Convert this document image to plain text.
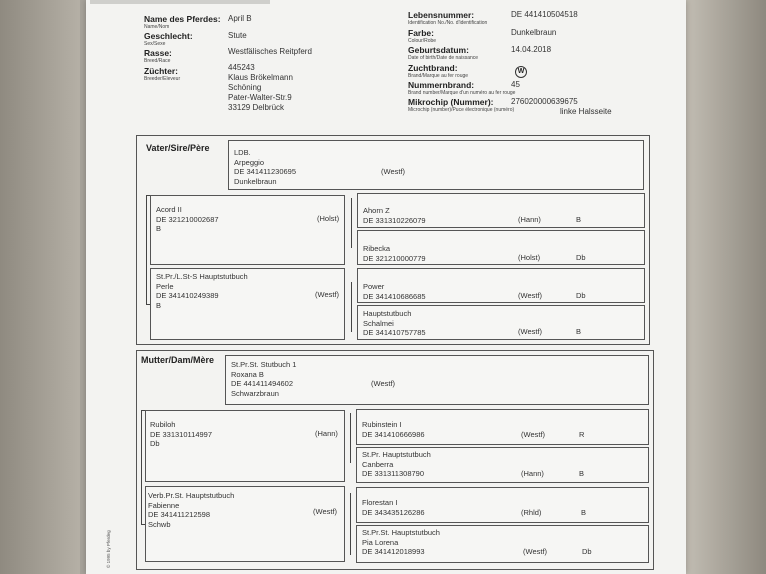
Name des Pferdes:
Name/Nom
April B
Geschlecht:
Sex/Sexe
Stute
Rasse:
Breed/Race
Westfälisches Reitpferd
Züchter:
Breeder/Eleveur
445243
Klaus Brökelmann
Schöning
Pater-Walter-Str.9
33129 Delbrück
Lebensnummer:
Identification No./No. d'identification
DE 441410504518
Farbe:
Colour/Robe
Dunkelbraun
Geburtsdatum:
Date of birth/Date de naissance
14.04.2018
Zuchtbrand:
Brand/Marque au fer rouge
W
Nummernbrand:
Brand number/Marque d'un numéro au fer rouge
45
Mikrochip (Nummer):
Microchip (number)/Puce électronique (numéro)
276020000639675
linke Halsseite
Vater/Sire/Père	LDB.
Arpeggio
DE 341411230695
Dunkelbraun
(Westf)
Acord II
DE 321210002687
B
(Holst)
St.Pr./L.St-S Hauptstutbuch
Perle
DE 341410249389
B
(Westf)
Ahorn Z
DE 331310226079	(Hann)	B
Ribecka
DE 321210000779	(Holst)	Db
Power
DE 341410686685	(Westf)	Db
Hauptstutbuch
Schalmei
DE 341410757785	(Westf)	B
Mutter/Dam/Mère St.Pr.St. Stutbuch 1
Roxana B
DE 441411494602
Schwarzbraun
(Westf)
Rubiloh
DE 331310114997
Db
(Hann)
Verb.Pr.St. Hauptstutbuch
Fabienne
DE 341411212598
Schwb
(Westf)
Rubinstein I
DE 341410666986	(Westf)	R
St.Pr. Hauptstutbuch
Canberra
DE 331311308790	(Hann)	B
Florestan I
DE 343435126286	(Rhld)	B
St.Pr.St. Hauptstutbuch
Pia Lorena
DE 341412018993	(Westf)	Db
© 1995 by Pferdeg
